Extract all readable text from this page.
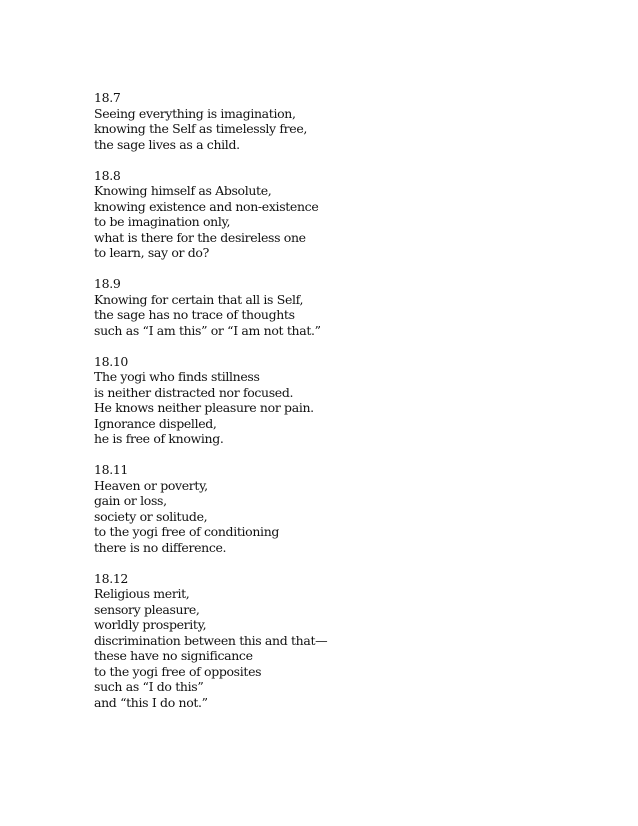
18.7
Seeing everything is imagination,
knowing the Self as timelessly free,
the sage lives as a child.
18.8
Knowing himself as Absolute,
knowing existence and non-existence
to be imagination only,
what is there for the desireless one
to learn, say or do?
18.9
Knowing for certain that all is Self,
the sage has no trace of thoughts
such as “I am this” or “I am not that.”
18.10
The yogi who finds stillness
is neither distracted nor focused.
He knows neither pleasure nor pain.
Ignorance dispelled,
he is free of knowing.
18.11
Heaven or poverty,
gain or loss,
society or solitude,
to the yogi free of conditioning
there is no difference.
18.12
Religious merit,
sensory pleasure,
worldly prosperity,
discrimination between this and that—
these have no significance
to the yogi free of opposites
such as “I do this”
and “this I do not.”
